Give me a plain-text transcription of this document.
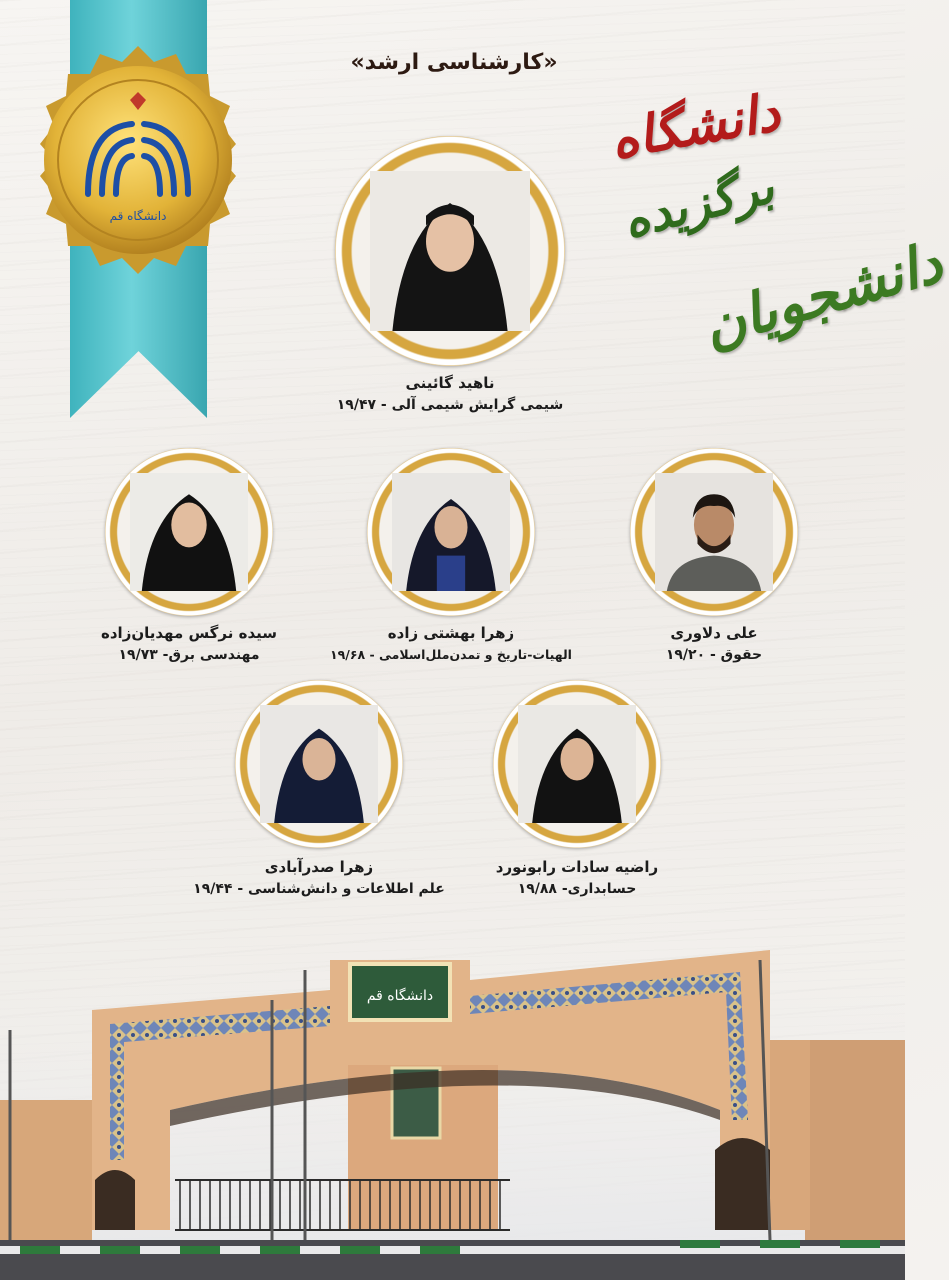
دانشگاه قم
«کارشناسی ارشد»
دانشگاه
برگزیده
دانشجویان
ناهید گائینی
شیمی گرایش شیمی آلی - ۱۹/۴۷
علی دلاوری
حقوق - ۱۹/۲۰
زهرا بهشتی زاده
الهیات-تاریخ و تمدن‌ملل‌اسلامی - ۱۹/۶۸
سیده نرگس مهدیان‌زاده
مهندسی برق- ۱۹/۷۳
راضیه سادات رابونورد
حسابداری- ۱۹/۸۸
زهرا صدرآبادی
علم اطلاعات و دانش‌شناسی - ۱۹/۴۴
دانشگاه قم
